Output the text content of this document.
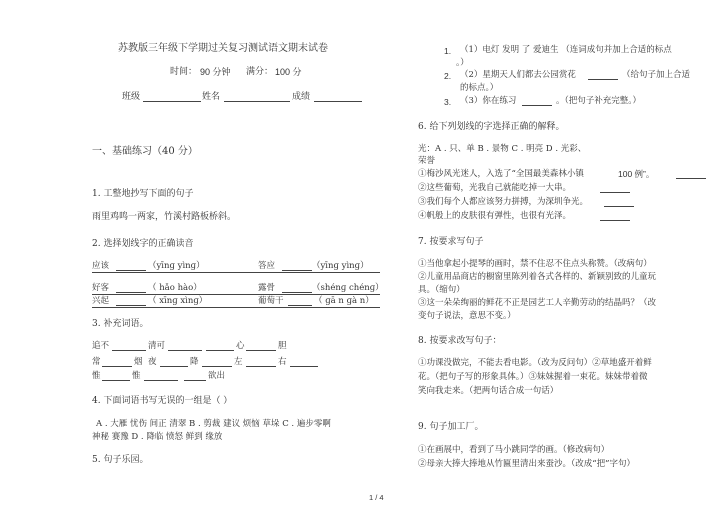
苏教版三年级下学期过关复习测试语文期末试卷
时间： 90 分钟 满分： 100 分
班级	姓名	成绩
一、基础练习（40 分）
1. 工整地抄写下面的句子
雨里鸡鸣一两家，竹溪村路板桥斜。
2. 选择划线字的正确读音
应该	（yīnɡ yìnɡ）	答应	（yīnɡ yìnɡ）
好客	（ hǎo hào）	露骨	（shénɡ chénɡ）
兴起	（ xīnɡ xìnɡ）	葡萄干	（ ɡā n ɡà n）
3. 补充词语。
追不	清可	心	胆
常	烟 夜	降	左	右
惟	惟	欲出
4. 下面词语书写无误的一组是（ ）
A . 大雁 忧伤 间正 清翠 B . 剪裁 建议 烦恼 草垛 C . 遍步零啊
神秘 赛豫 D . 降临 愤怒 鲜到 缘放
5. 句子乐园。
1. （1）电灯 发明 了 爱迪生 （连词成句并加上合适的标点
。）
2. （2）星期天人们都去公园赏花	（给句子加上合适
的标点。）
3. （3）你在练习	。（把句子补充完整。）
6. 给下列划线的字选择正确的解释。
光：A . 只、单 B . 景物 C . 明亮 D . 光彩、
荣誉
①梅沙风光迷人，入选了“全国最美森林小镇	100 例”。
②这些葡萄，光我自己就能吃掉一大串。
③我们每个人都应该努力拼搏，为深圳争光。
④帆般上的皮肤很有弹性，也很有光泽。
7. 按要求写句子
①当他拿起小提琴的画时，禁不住忍不住点头称赞。（改病句）
②儿童用品商店的橱窗里陈列着各式各样的、新颖别致的儿童玩
具。（缩句）
③这一朵朵绚丽的鲜花不正是园艺工人辛勤劳动的结晶吗？（改
变句子说法，意思不变。）
8. 按要求改写句子：
①功课没做完，不能去看电影。（改为反问句）②草地盛开着鲜
花。（把句子写的形象具体。）③妹妹握着一束花。妹妹带着微
笑向我走来。（把两句话合成一句话）
9. 句子加工厂。
①在画展中，看到了马小跳同学的画。（修改病句）
②母亲大捧大捧地从竹匾里清出来蚕沙。（改成“把”字句）
1 / 4
